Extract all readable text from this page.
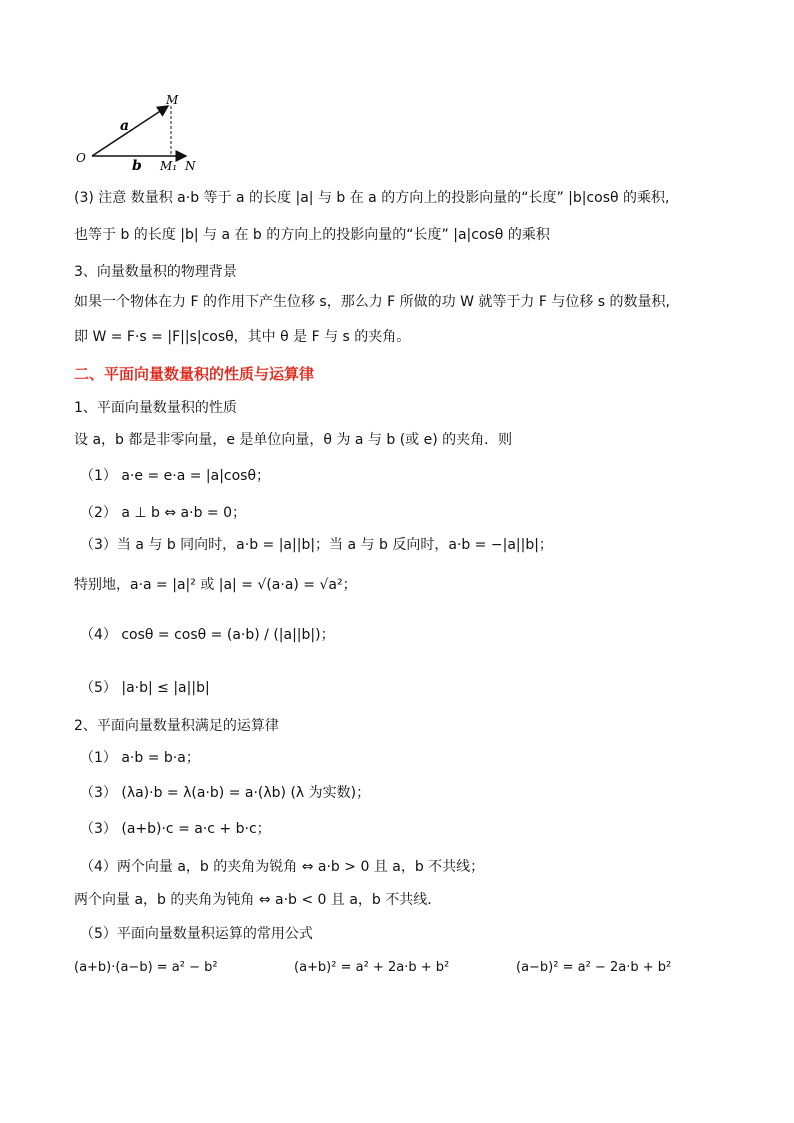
M
a
O	b M₁ N
(3) 注意 数量积 a·b 等于 a 的长度 |a| 与 b 在 a 的方向上的投影向量的“长度” |b|cosθ 的乘积,
也等于 b 的长度 |b| 与 a 在 b 的方向上的投影向量的“长度” |a|cosθ 的乘积
3、向量数量积的物理背景
如果一个物体在力 F 的作用下产生位移 s，那么力 F 所做的功 W 就等于力 F 与位移 s 的数量积,
即 W = F·s = |F||s|cosθ，其中 θ 是 F 与 s 的夹角。
二、平面向量数量积的性质与运算律
1、平面向量数量积的性质
设 a，b 都是非零向量，e 是单位向量，θ 为 a 与 b (或 e) 的夹角．则
（1） a·e = e·a = |a|cosθ；
（2） a ⊥ b ⇔ a·b = 0；
（3）当 a 与 b 同向时，a·b = |a||b|；当 a 与 b 反向时，a·b = −|a||b|；
特别地，a·a = |a|² 或 |a| = √(a·a) = √a²；
（4） cosθ = cosθ = (a·b) / (|a||b|)；
（5） |a·b| ≤ |a||b|
2、平面向量数量积满足的运算律
（1） a·b = b·a；
（3） (λa)·b = λ(a·b) = a·(λb) (λ 为实数)；
（3） (a+b)·c = a·c + b·c；
（4）两个向量 a，b 的夹角为锐角 ⇔ a·b > 0 且 a，b 不共线；
两个向量 a，b 的夹角为钝角 ⇔ a·b < 0 且 a，b 不共线.
（5）平面向量数量积运算的常用公式
(a+b)·(a−b) = a² − b²	(a+b)² = a² + 2a·b + b²	(a−b)² = a² − 2a·b + b²
